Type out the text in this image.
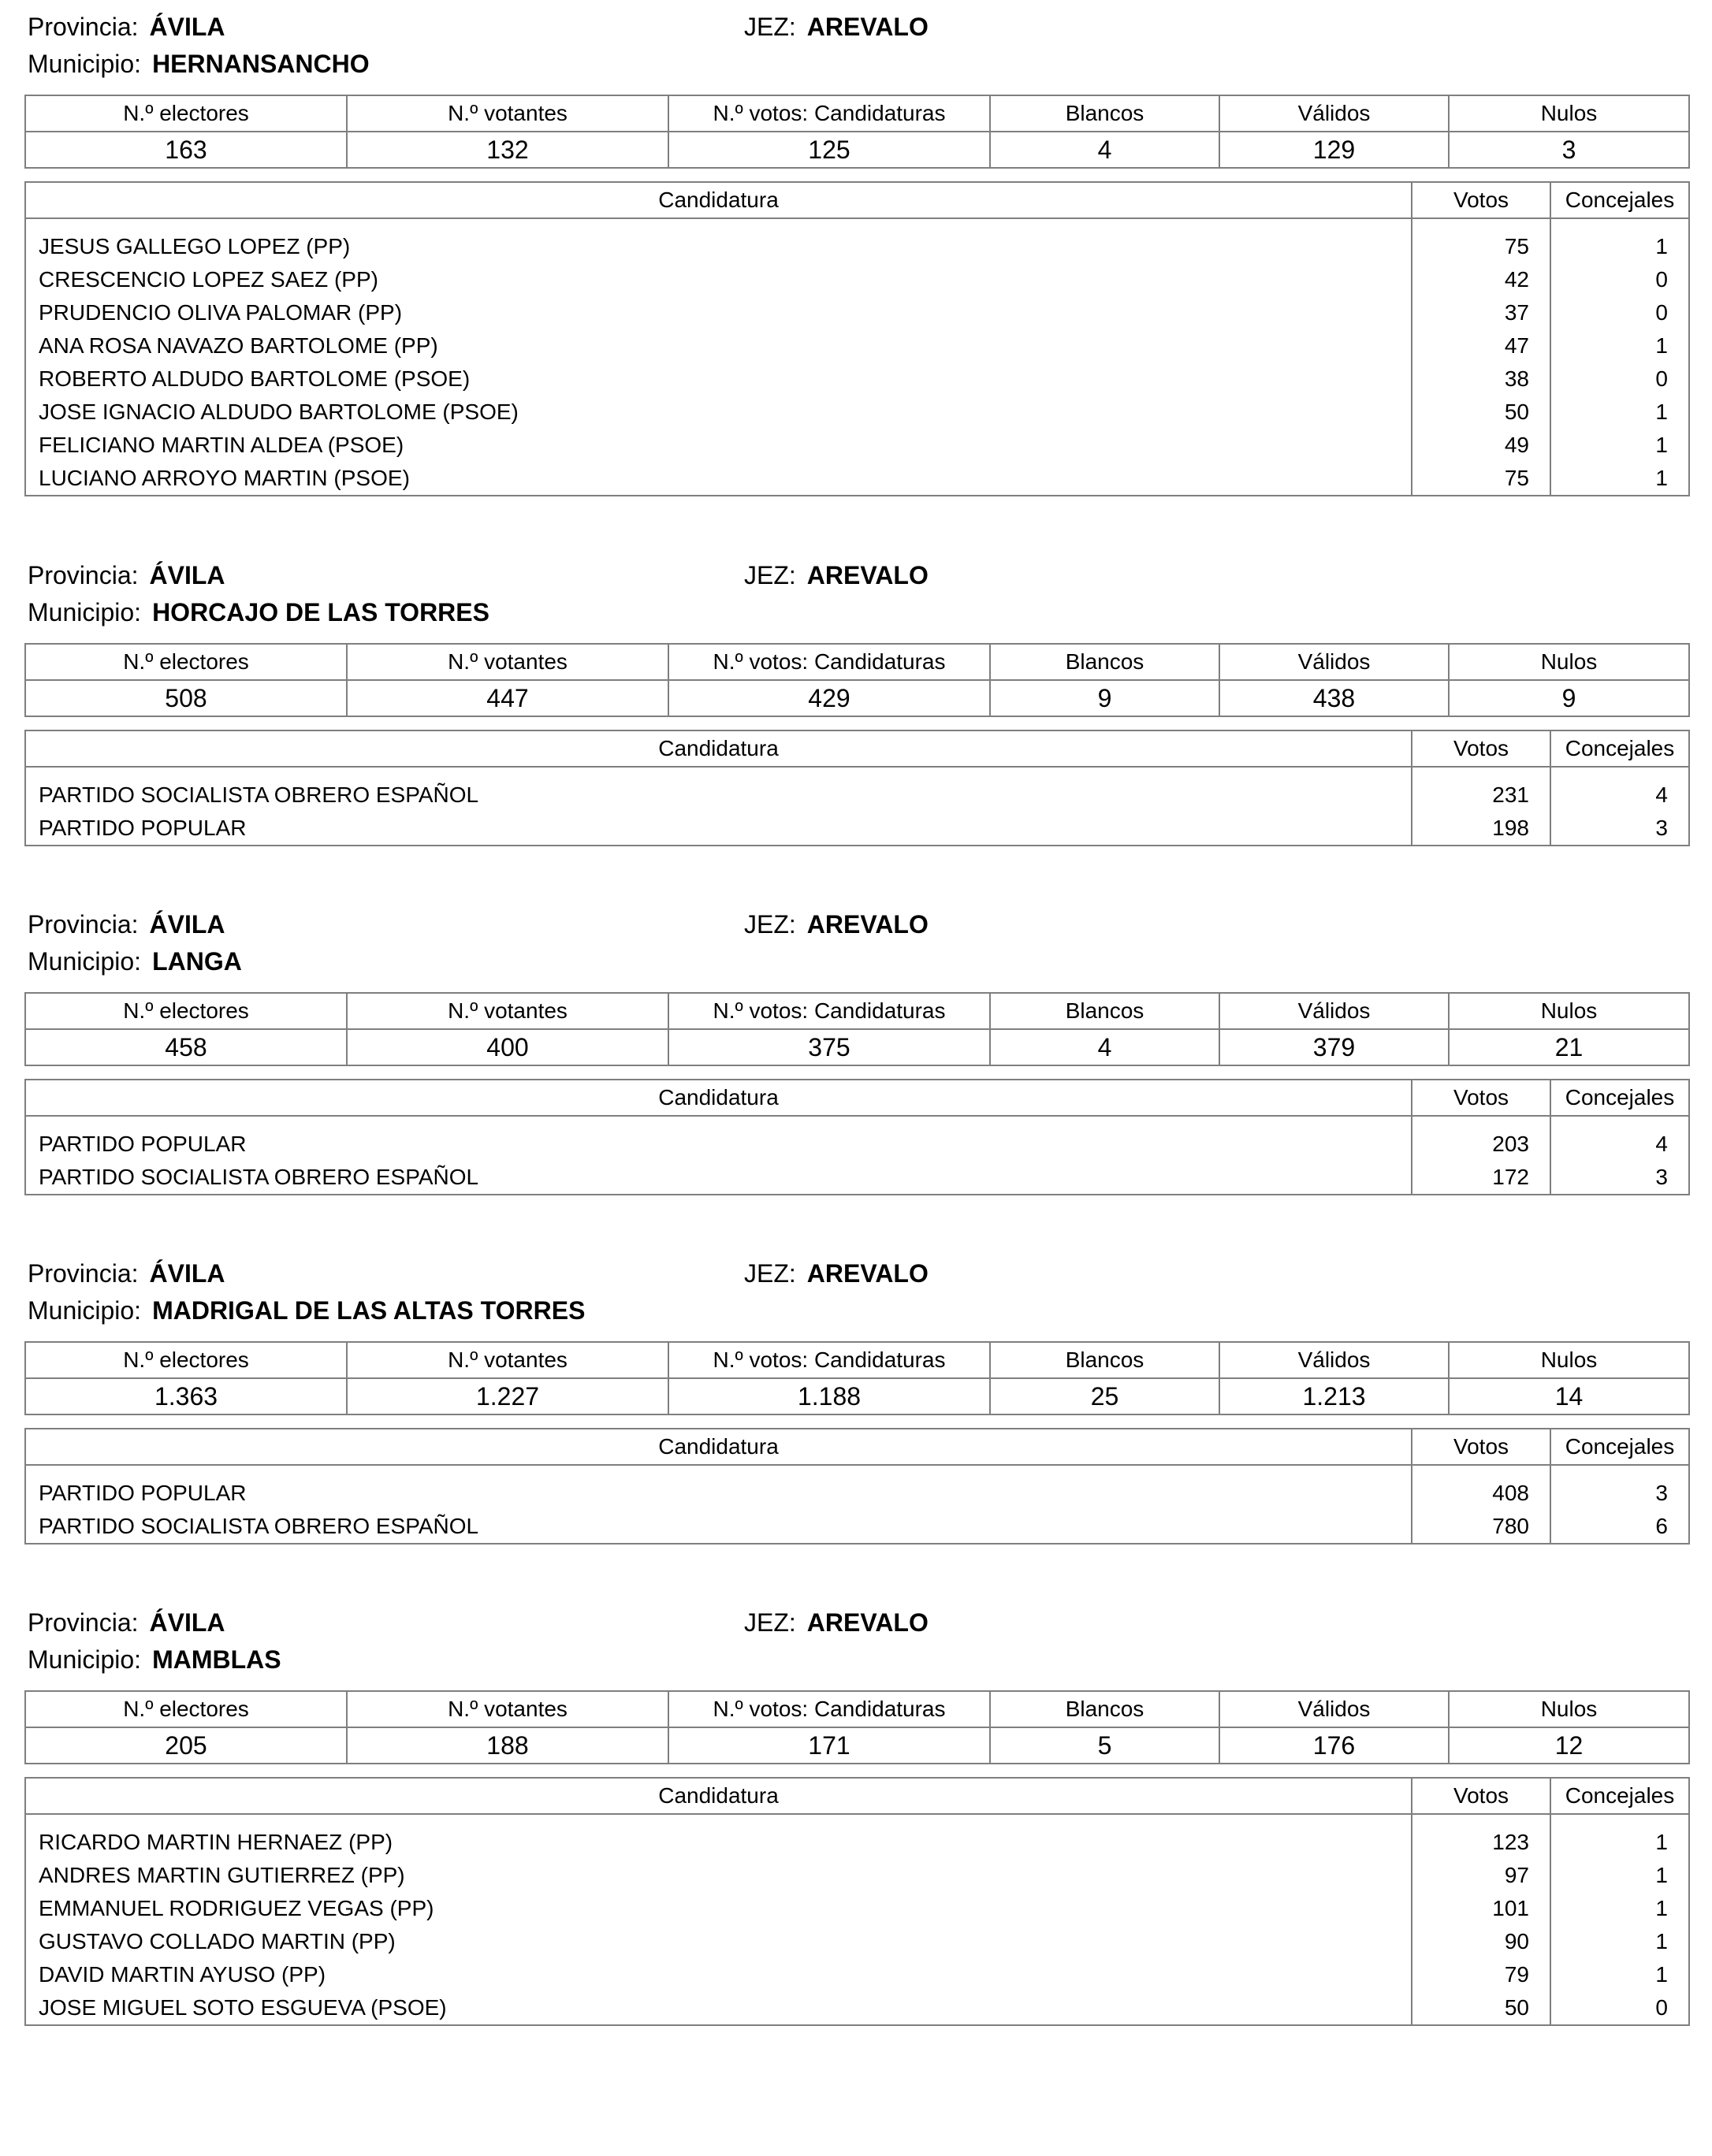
Provincia: ÁVILA	JEZ: AREVALO
Municipio: HERNANSANCHO
N.º electores	N.º votantes	N.º votos: Candidaturas	Blancos	Válidos	Nulos
163	132	125	4	129	3
Candidatura	Votos	Concejales
JESUS GALLEGO LOPEZ (PP)	75	1
CRESCENCIO LOPEZ SAEZ (PP)	42	0
PRUDENCIO OLIVA PALOMAR (PP)	37	0
ANA ROSA NAVAZO BARTOLOME (PP)	47	1
ROBERTO ALDUDO BARTOLOME (PSOE)	38	0
JOSE IGNACIO ALDUDO BARTOLOME (PSOE)	50	1
FELICIANO MARTIN ALDEA (PSOE)	49	1
LUCIANO ARROYO MARTIN (PSOE)	75	1
Provincia: ÁVILA	JEZ: AREVALO
Municipio: HORCAJO DE LAS TORRES
N.º electores	N.º votantes	N.º votos: Candidaturas	Blancos	Válidos	Nulos
508	447	429	9	438	9
Candidatura	Votos	Concejales
PARTIDO SOCIALISTA OBRERO ESPAÑOL	231	4
PARTIDO POPULAR	198	3
Provincia: ÁVILA	JEZ: AREVALO
Municipio: LANGA
N.º electores	N.º votantes	N.º votos: Candidaturas	Blancos	Válidos	Nulos
458	400	375	4	379	21
Candidatura	Votos	Concejales
PARTIDO POPULAR	203	4
PARTIDO SOCIALISTA OBRERO ESPAÑOL	172	3
Provincia: ÁVILA	JEZ: AREVALO
Municipio: MADRIGAL DE LAS ALTAS TORRES
N.º electores	N.º votantes	N.º votos: Candidaturas	Blancos	Válidos	Nulos
1.363	1.227	1.188	25	1.213	14
Candidatura	Votos	Concejales
PARTIDO POPULAR	408	3
PARTIDO SOCIALISTA OBRERO ESPAÑOL	780	6
Provincia: ÁVILA	JEZ: AREVALO
Municipio: MAMBLAS
N.º electores	N.º votantes	N.º votos: Candidaturas	Blancos	Válidos	Nulos
205	188	171	5	176	12
Candidatura	Votos	Concejales
RICARDO MARTIN HERNAEZ (PP)	123	1
ANDRES MARTIN GUTIERREZ (PP)	97	1
EMMANUEL RODRIGUEZ VEGAS (PP)	101	1
GUSTAVO COLLADO MARTIN (PP)	90	1
DAVID MARTIN AYUSO (PP)	79	1
JOSE MIGUEL SOTO ESGUEVA (PSOE)	50	0
